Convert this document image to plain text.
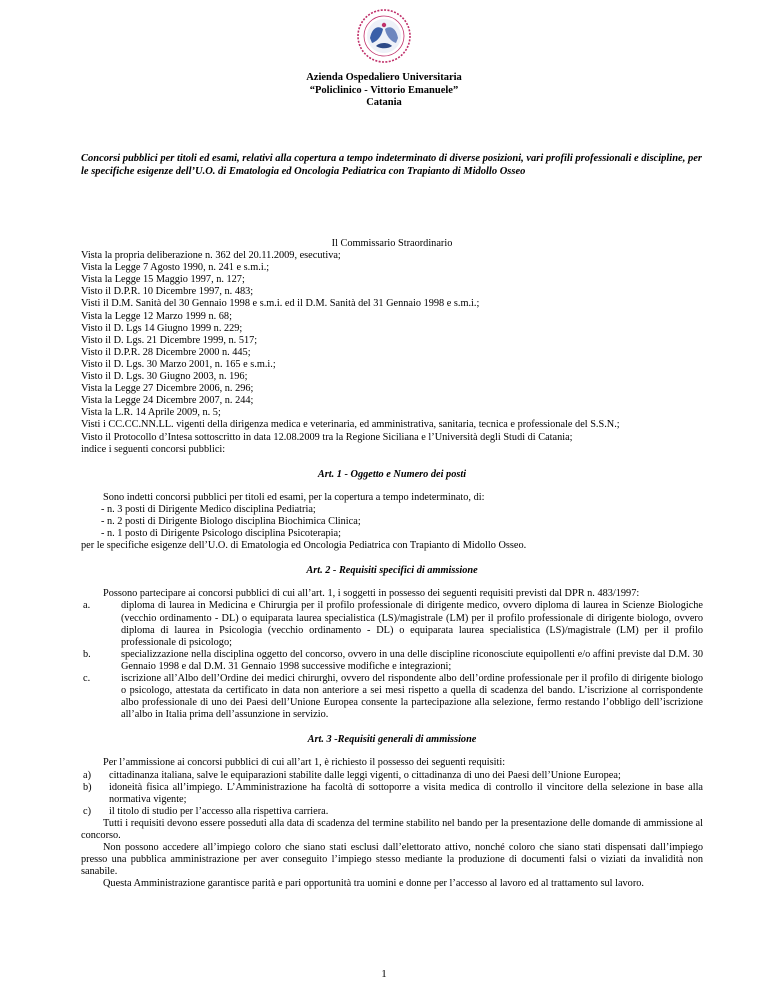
Azienda Ospedaliero Universitaria
“Policlinico - Vittorio Emanuele”
Catania
Concorsi pubblici per titoli ed esami, relativi alla copertura a tempo indeterminato di diverse posizioni, vari profili professionali e discipline, per le specifiche esigenze dell’U.O. di Ematologia ed Oncologia Pediatrica con Trapianto di Midollo Osseo
Il Commissario Straordinario
Vista la propria deliberazione n. 362 del 20.11.2009, esecutiva;
Vista la Legge 7 Agosto 1990, n. 241 e s.m.i.;
Vista la Legge 15 Maggio 1997, n. 127;
Visto il D.P.R. 10 Dicembre 1997, n. 483;
Visti il D.M. Sanità del 30 Gennaio 1998 e s.m.i. ed il D.M. Sanità del 31 Gennaio 1998 e s.m.i.;
Vista la Legge 12 Marzo 1999 n. 68;
Visto il D. Lgs 14 Giugno 1999 n. 229;
Visto il D. Lgs. 21 Dicembre 1999, n. 517;
Visto il D.P.R. 28 Dicembre 2000 n. 445;
Visto il D. Lgs. 30 Marzo 2001, n. 165 e s.m.i.;
Visto il D. Lgs. 30 Giugno 2003, n. 196;
Vista la Legge 27 Dicembre 2006, n. 296;
Vista la Legge 24 Dicembre 2007, n. 244;
Vista la L.R. 14 Aprile 2009, n. 5;
Visti i CC.CC.NN.LL. vigenti della dirigenza medica e veterinaria, ed amministrativa, sanitaria, tecnica e professionale del S.S.N.;
Visto il Protocollo d’Intesa sottoscritto in data 12.08.2009 tra la Regione Siciliana e l’Università degli Studi di Catania;
indice i seguenti concorsi pubblici:
Art. 1 - Oggetto e Numero dei posti
Sono indetti concorsi pubblici per titoli ed esami, per la copertura a tempo indeterminato, di:
- n. 3 posti di Dirigente Medico disciplina Pediatria;
- n. 2 posti di Dirigente Biologo disciplina Biochimica Clinica;
- n. 1 posto di Dirigente Psicologo disciplina Psicoterapia;
per le specifiche esigenze dell’U.O. di Ematologia ed Oncologia Pediatrica con Trapianto di Midollo Osseo.
Art. 2 - Requisiti specifici di ammissione
Possono partecipare ai concorsi pubblici di cui all’art. 1, i soggetti in possesso dei seguenti requisiti previsti dal DPR n. 483/1997:
a.	diploma di laurea in Medicina e Chirurgia per il profilo professionale di dirigente medico, ovvero diploma di laurea in Scienze Biologiche (vecchio ordinamento - DL) o equiparata laurea specialistica (LS)/magistrale (LM) per il profilo professionale di dirigente biologo, ovvero diploma di laurea in Psicologia (vecchio ordinamento - DL) o equiparata laurea specialistica (LS)/magistrale (LM) per il profilo professionale di psicologo;
b.	specializzazione nella disciplina oggetto del concorso, ovvero in una delle discipline riconosciute equipollenti e/o affini previste dal D.M. 30 Gennaio 1998 e dal D.M. 31 Gennaio 1998 successive modifiche e integrazioni;
c.	iscrizione all’Albo dell’Ordine dei medici chirurghi, ovvero del rispondente albo dell’ordine professionale per il profilo di dirigente biologo o psicologo, attestata da certificato in data non anteriore a sei mesi rispetto a quella di scadenza del bando. L’iscrizione al corrispondente albo professionale di uno dei Paesi dell’Unione Europea consente la partecipazione alla selezione, fermo restando l’obbligo dell’iscrizione all’albo in Italia prima dell’assunzione in servizio.
Art. 3 -Requisiti generali di ammissione
Per l’ammissione ai concorsi pubblici di cui all’art 1, è richiesto il possesso dei seguenti requisiti:
a)	cittadinanza italiana, salve le equiparazioni stabilite dalle leggi vigenti, o cittadinanza di uno dei Paesi dell’Unione Europea;
b)	idoneità fisica all’impiego. L’Amministrazione ha facoltà di sottoporre a visita medica di controllo il vincitore della selezione in base alla normativa vigente;
c)	il titolo di studio per l’accesso alla rispettiva carriera.
Tutti i requisiti devono essere posseduti alla data di scadenza del termine stabilito nel bando per la presentazione delle domande di ammissione al concorso.
Non possono accedere all’impiego coloro che siano stati esclusi dall’elettorato attivo, nonché coloro che siano stati dispensati dall’impiego presso una pubblica amministrazione per aver conseguito l’impiego stesso mediante la produzione di documenti falsi o viziati da invalidità non sanabile.
Questa Amministrazione garantisce parità e pari opportunità tra uomini e donne per l’accesso al lavoro ed al trattamento sul lavoro.
1
